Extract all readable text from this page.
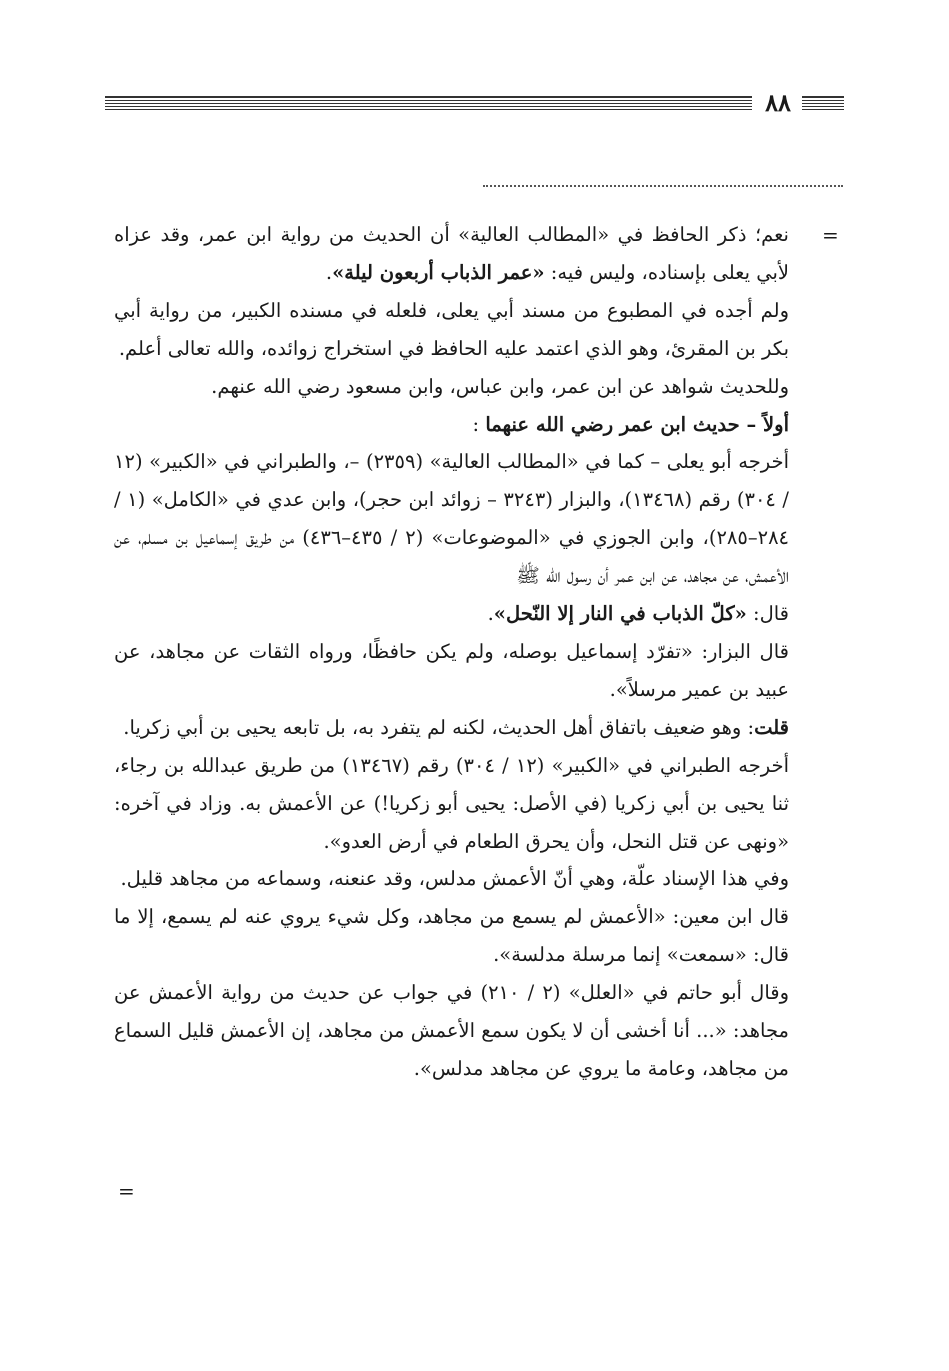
٨٨
=

نعم؛ ذكر الحافظ في «المطالب العالية» أن الحديث من رواية ابن عمر، وقد عزاه لأبي يعلى بإسناده، وليس فيه: «عمر الذباب أربعون ليلة».

ولم أجده في المطبوع من مسند أبي يعلى، فلعله في مسنده الكبير، من رواية أبي بكر بن المقرئ، وهو الذي اعتمد عليه الحافظ في استخراج زوائده، والله تعالى أعلم.

وللحديث شواهد عن ابن عمر، وابن عباس، وابن مسعود رضي الله عنهم.

أولاً – حديث ابن عمر رضي الله عنهما :

أخرجه أبو يعلى – كما في «المطالب العالية» (٢٣٥٩) –، والطبراني في «الكبير» (١٢ / ٣٠٤) رقم (١٣٤٦٨)، والبزار (٣٢٤٣ – زوائد ابن حجر)، وابن عدي في «الكامل» (١ / ٢٨٤–٢٨٥)، وابن الجوزي في «الموضوعات» (٢ / ٤٣٥–٤٣٦) من طريق إسماعيل بن مسلم، عن الأعمش، عن مجاهد، عن ابن عمر أن رسول الله ﷺ

قال: «كلّ الذباب في النار إلا النّحل».

قال البزار: «تفرّد إسماعيل بوصله، ولم يكن حافظًا، ورواه الثقات عن مجاهد، عن عبيد بن عمير مرسلاً».

قلت: وهو ضعيف باتفاق أهل الحديث، لكنه لم يتفرد به، بل تابعه يحيى بن أبي زكريا.

أخرجه الطبراني في «الكبير» (١٢ / ٣٠٤) رقم (١٣٤٦٧) من طريق عبدالله بن رجاء، ثنا يحيى بن أبي زكريا (في الأصل: يحيى أبو زكريا!) عن الأعمش به. وزاد في آخره: «ونهى عن قتل النحل، وأن يحرق الطعام في أرض العدو».

وفي هذا الإسناد علّة، وهي أنّ الأعمش مدلس، وقد عنعنه، وسماعه من مجاهد قليل.

قال ابن معين: «الأعمش لم يسمع من مجاهد، وكل شيء يروي عنه لم يسمع، إلا ما قال: «سمعت» إنما مرسلة مدلسة».

وقال أبو حاتم في «العلل» (٢ / ٢١٠) في جواب عن حديث من رواية الأعمش عن مجاهد: «... أنا أخشى أن لا يكون سمع الأعمش من مجاهد، إن الأعمش قليل السماع من مجاهد، وعامة ما يروي عن مجاهد مدلس».

=
